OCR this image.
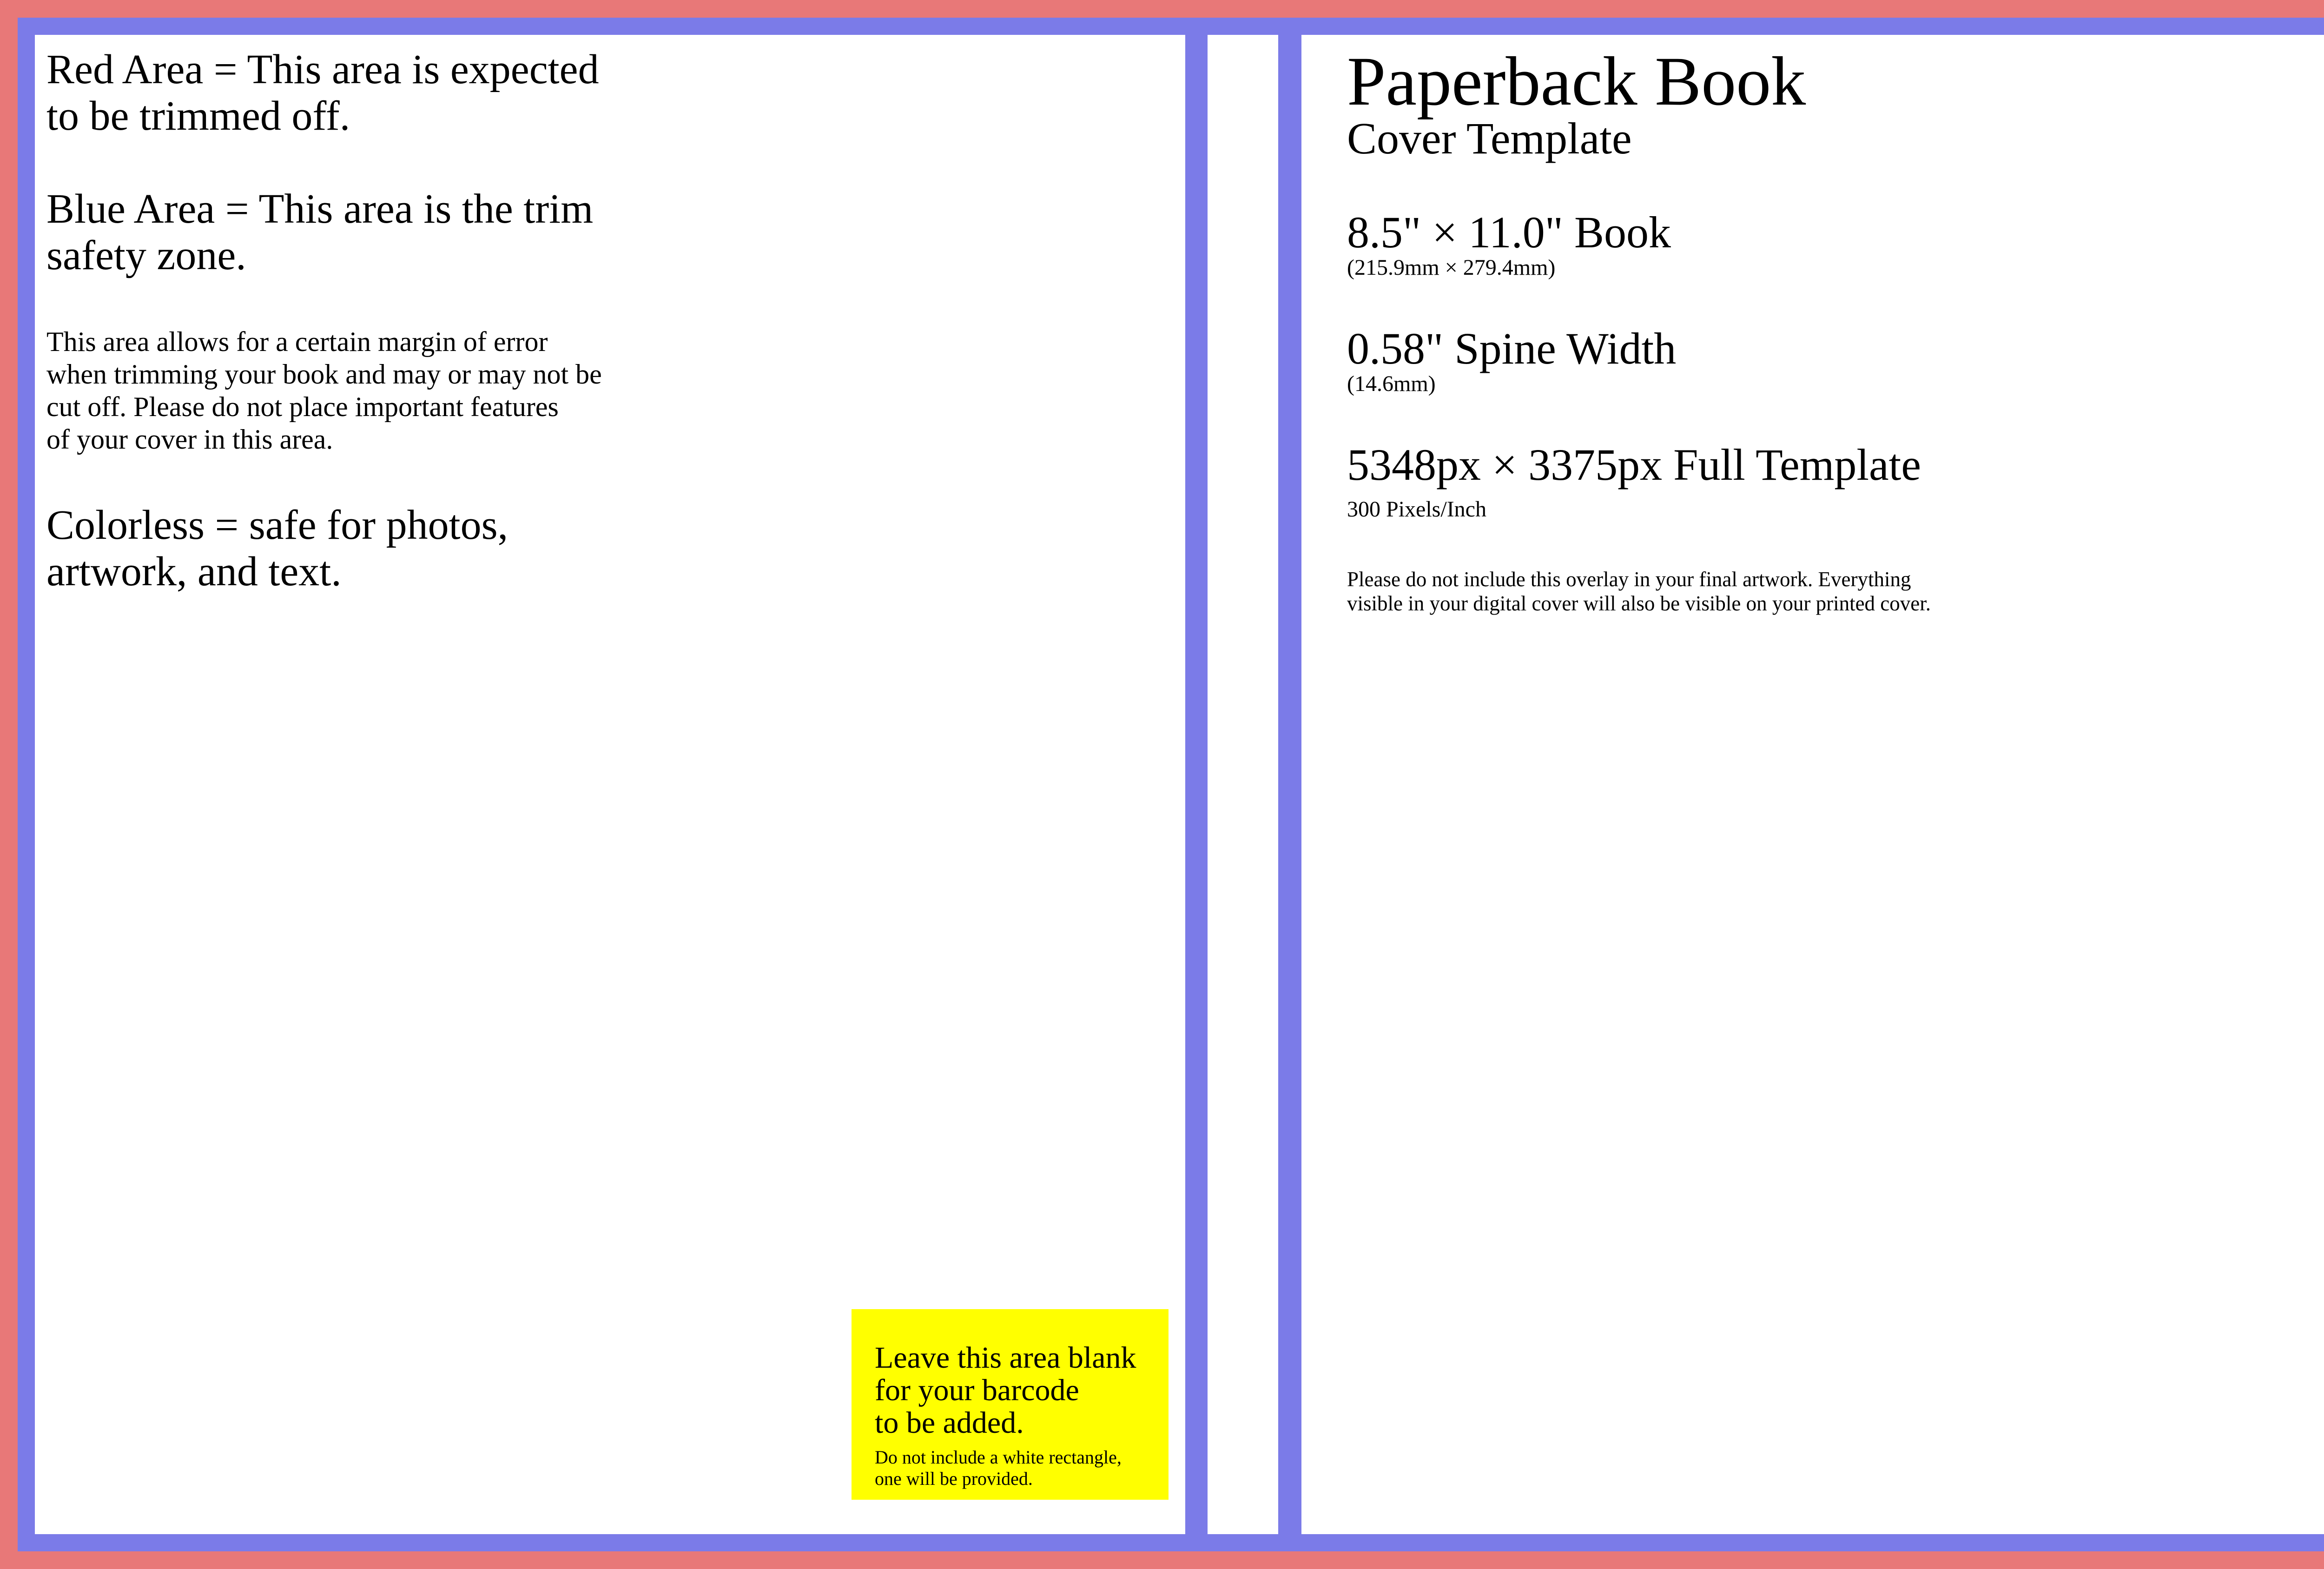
Red Area = This area is expected
to be trimmed off.
Blue Area = This area is the trim
safety zone.
This area allows for a certain margin of error
when trimming your book and may or may not be
cut off. Please do not place important features
of your cover in this area.
Colorless = safe for photos,
artwork, and text.
Leave this area blank
for your barcode
to be added.
Do not include a white rectangle,
one will be provided.
Paperback Book
Cover Template
8.5" × 11.0" Book
(215.9mm × 279.4mm)
0.58" Spine Width
(14.6mm)
5348px × 3375px Full Template
300 Pixels/Inch
Please do not include this overlay in your final artwork. Everything
visible in your digital cover will also be visible on your printed cover.
